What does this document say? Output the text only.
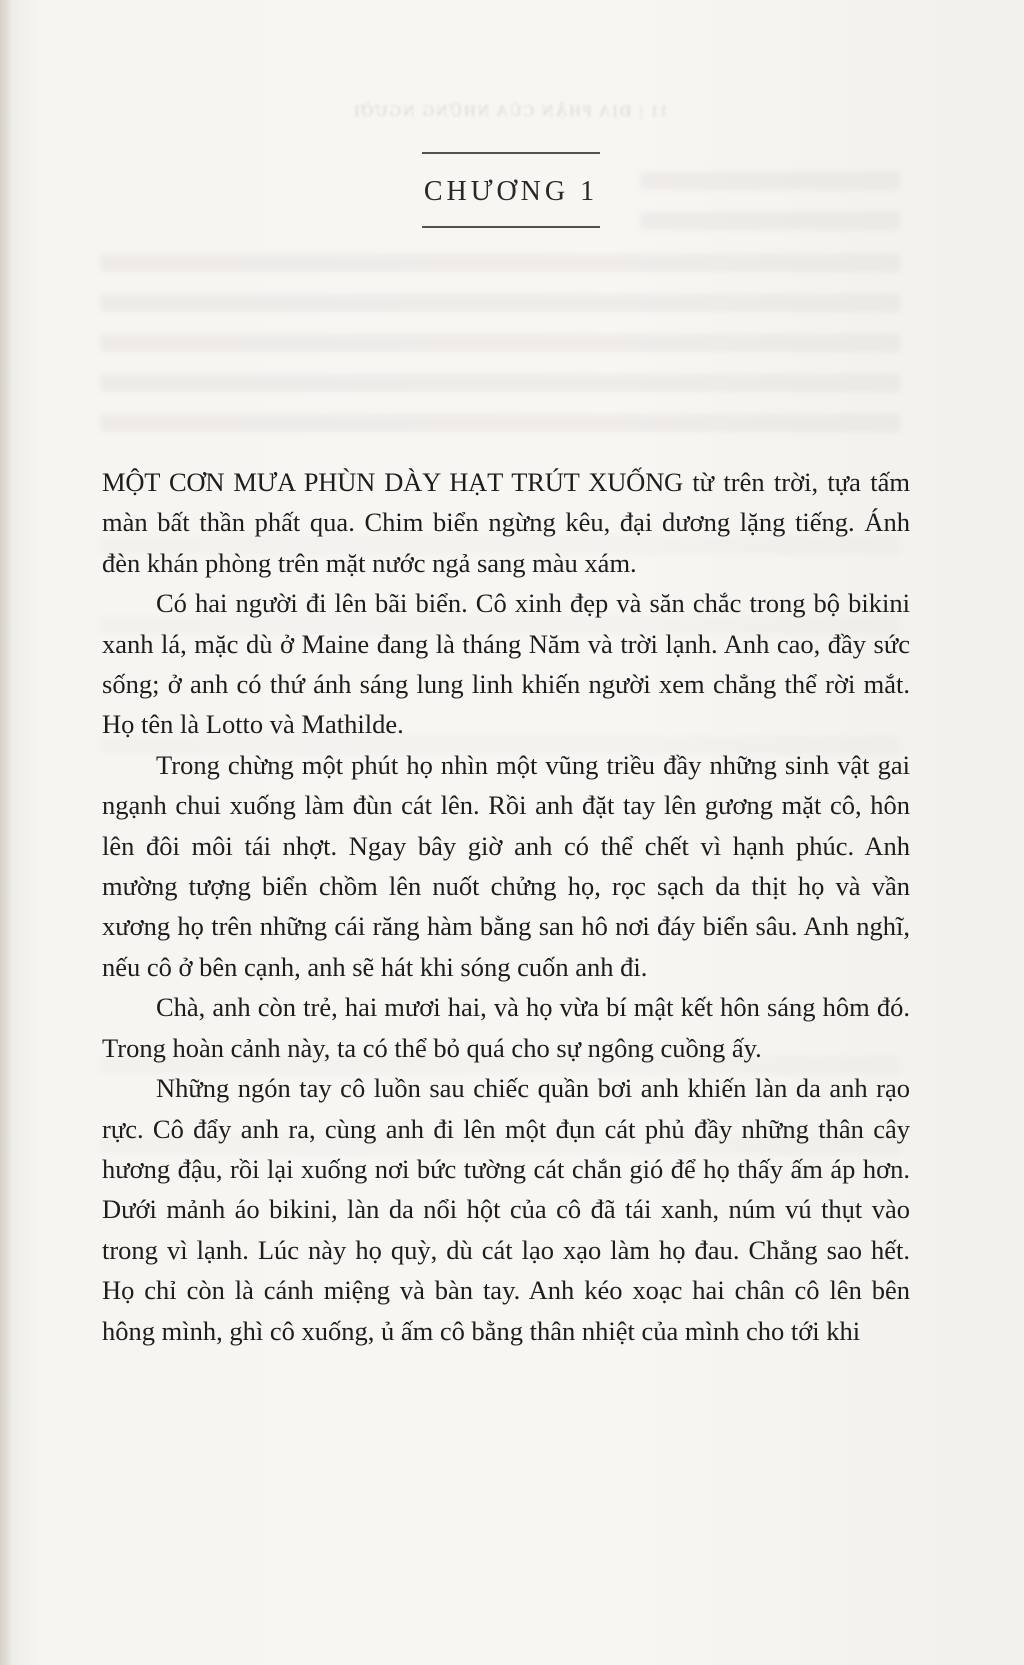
11 | ĐỊA PHẬN CỦA NHỮNG NGƯỜI
CHƯƠNG 1

MỘT CƠN MƯA PHÙN DÀY HẠT TRÚT XUỐNG từ trên trời, tựa tấm màn bất thần phất qua. Chim biển ngừng kêu, đại dương lặng tiếng. Ánh đèn khán phòng trên mặt nước ngả sang màu xám.

Có hai người đi lên bãi biển. Cô xinh đẹp và săn chắc trong bộ bikini xanh lá, mặc dù ở Maine đang là tháng Năm và trời lạnh. Anh cao, đầy sức sống; ở anh có thứ ánh sáng lung linh khiến người xem chẳng thể rời mắt. Họ tên là Lotto và Mathilde.

Trong chừng một phút họ nhìn một vũng triều đầy những sinh vật gai ngạnh chui xuống làm đùn cát lên. Rồi anh đặt tay lên gương mặt cô, hôn lên đôi môi tái nhợt. Ngay bây giờ anh có thể chết vì hạnh phúc. Anh mường tượng biển chồm lên nuốt chửng họ, rọc sạch da thịt họ và vần xương họ trên những cái răng hàm bằng san hô nơi đáy biển sâu. Anh nghĩ, nếu cô ở bên cạnh, anh sẽ hát khi sóng cuốn anh đi.

Chà, anh còn trẻ, hai mươi hai, và họ vừa bí mật kết hôn sáng hôm đó. Trong hoàn cảnh này, ta có thể bỏ quá cho sự ngông cuồng ấy.

Những ngón tay cô luồn sau chiếc quần bơi anh khiến làn da anh rạo rực. Cô đẩy anh ra, cùng anh đi lên một đụn cát phủ đầy những thân cây hương đậu, rồi lại xuống nơi bức tường cát chắn gió để họ thấy ấm áp hơn. Dưới mảnh áo bikini, làn da nổi hột của cô đã tái xanh, núm vú thụt vào trong vì lạnh. Lúc này họ quỳ, dù cát lạo xạo làm họ đau. Chẳng sao hết. Họ chỉ còn là cánh miệng và bàn tay. Anh kéo xoạc hai chân cô lên bên hông mình, ghì cô xuống, ủ ấm cô bằng thân nhiệt của mình cho tới khi
